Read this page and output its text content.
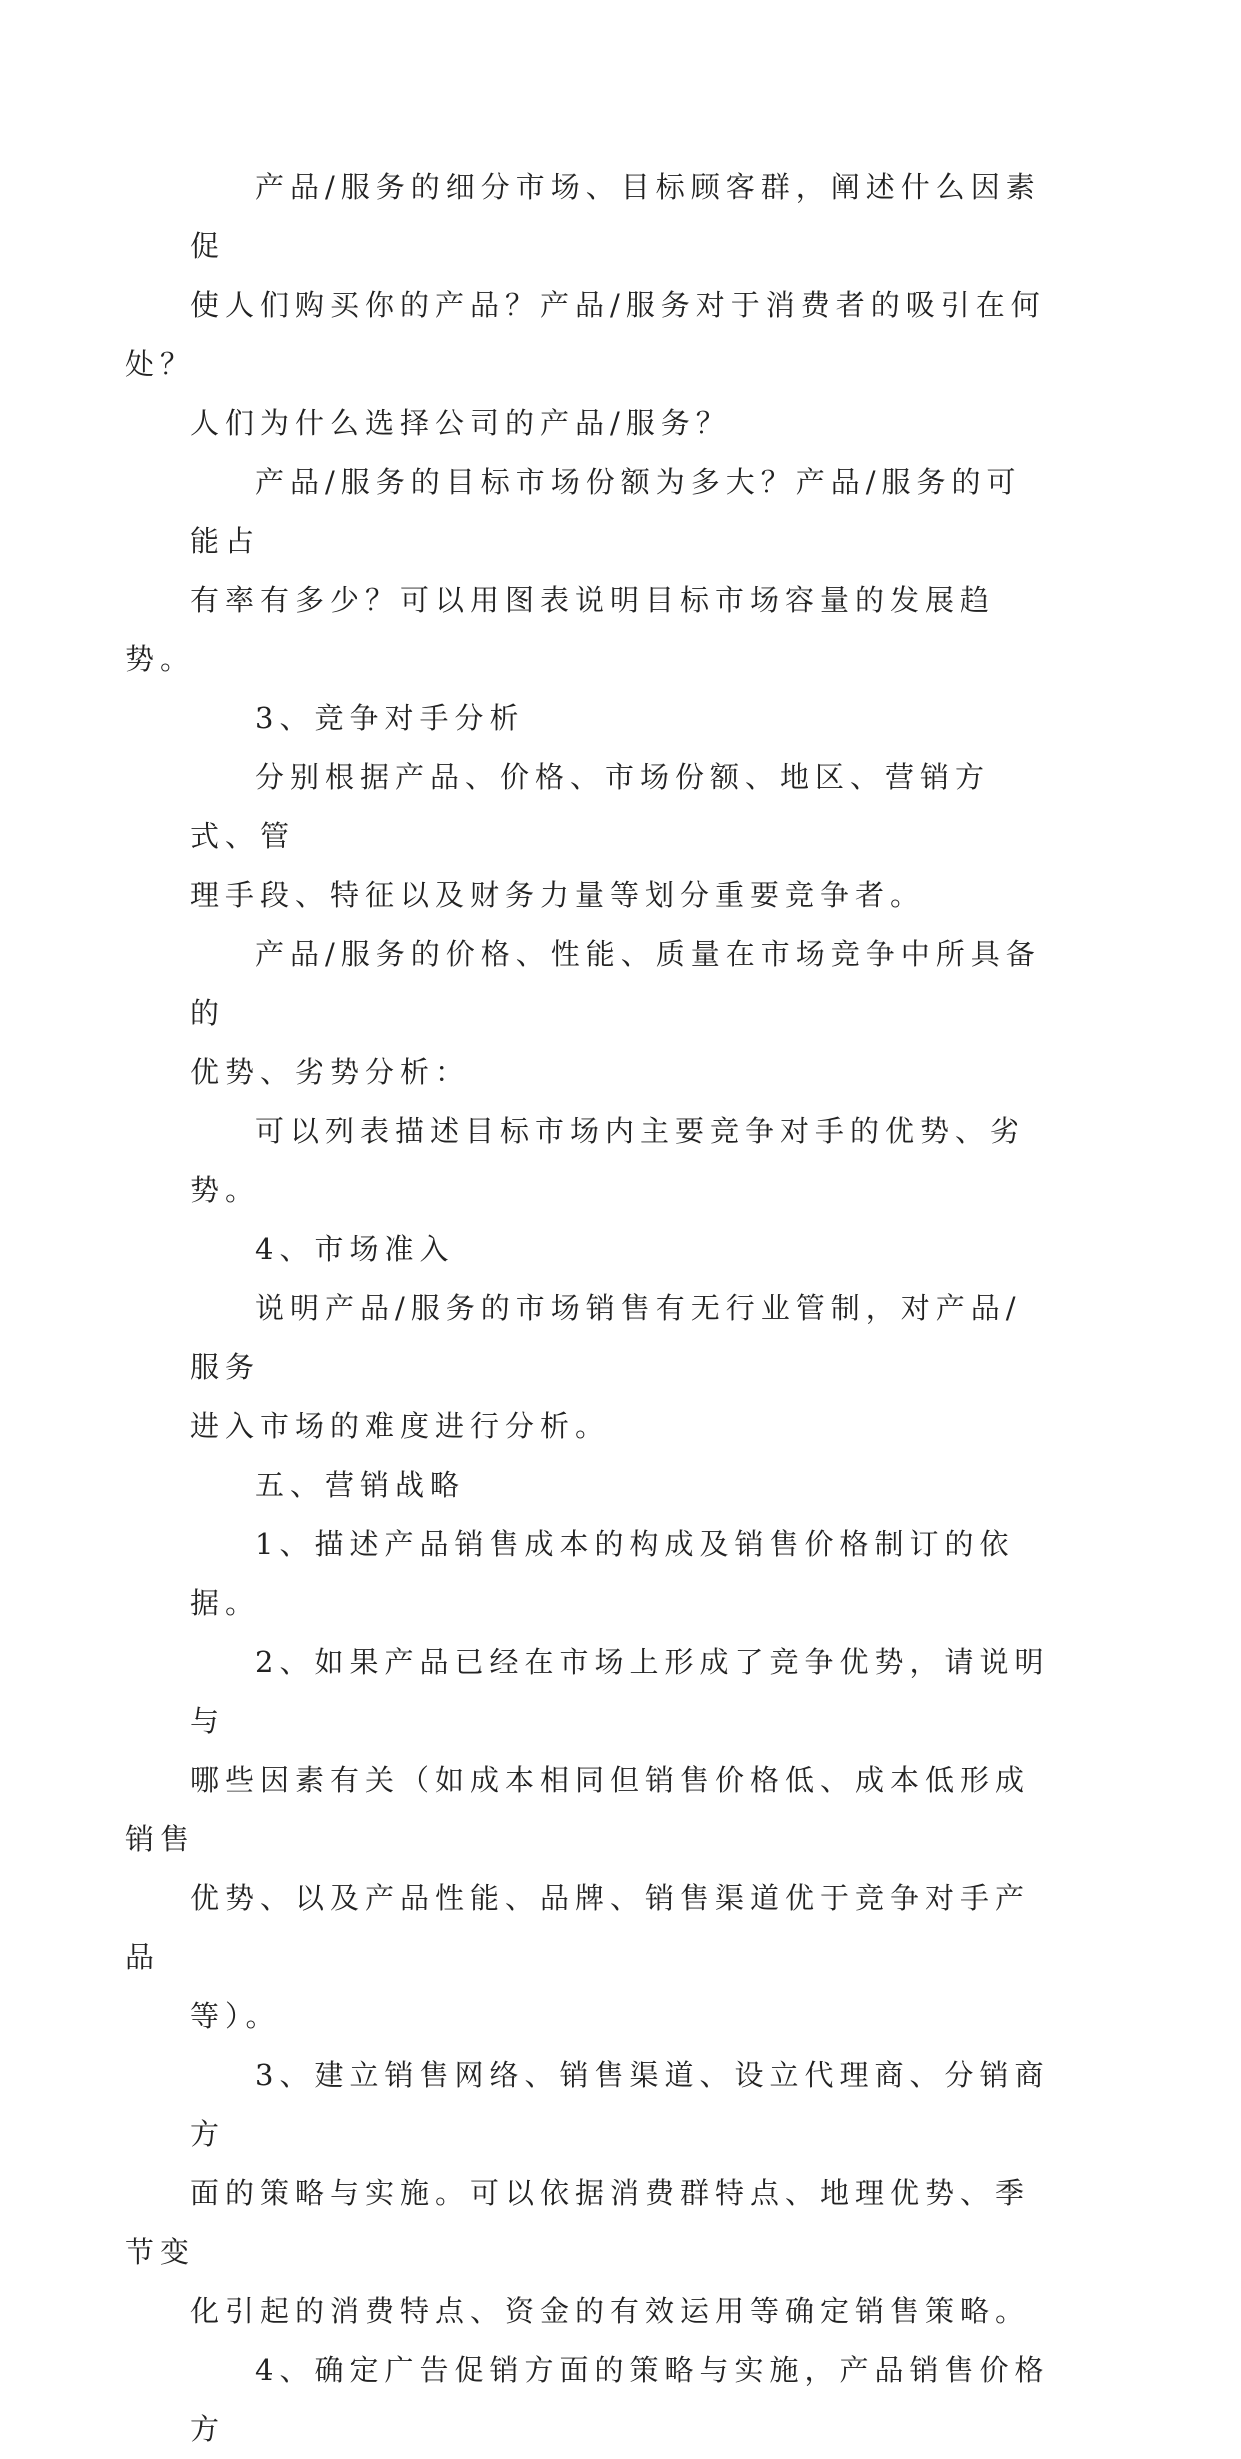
产品/服务的细分市场、目标顾客群，阐述什么因素促
使人们购买你的产品？产品/服务对于消费者的吸引在何处？
人们为什么选择公司的产品/服务？

产品/服务的目标市场份额为多大？产品/服务的可能占
有率有多少？可以用图表说明目标市场容量的发展趋势。

3、竞争对手分析

分别根据产品、价格、市场份额、地区、营销方式、管
理手段、特征以及财务力量等划分重要竞争者。

产品/服务的价格、性能、质量在市场竞争中所具备的
优势、劣势分析：

可以列表描述目标市场内主要竞争对手的优势、劣势。

4、市场准入

说明产品/服务的市场销售有无行业管制，对产品/服务
进入市场的难度进行分析。

五、营销战略

1、描述产品销售成本的构成及销售价格制订的依据。

2、如果产品已经在市场上形成了竞争优势，请说明与
哪些因素有关（如成本相同但销售价格低、成本低形成销售
优势、以及产品性能、品牌、销售渠道优于竞争对手产品
等）。

3、建立销售网络、销售渠道、设立代理商、分销商方
面的策略与实施。可以依据消费群特点、地理优势、季节变
化引起的消费特点、资金的有效运用等确定销售策略。

4、确定广告促销方面的策略与实施，产品销售价格方
